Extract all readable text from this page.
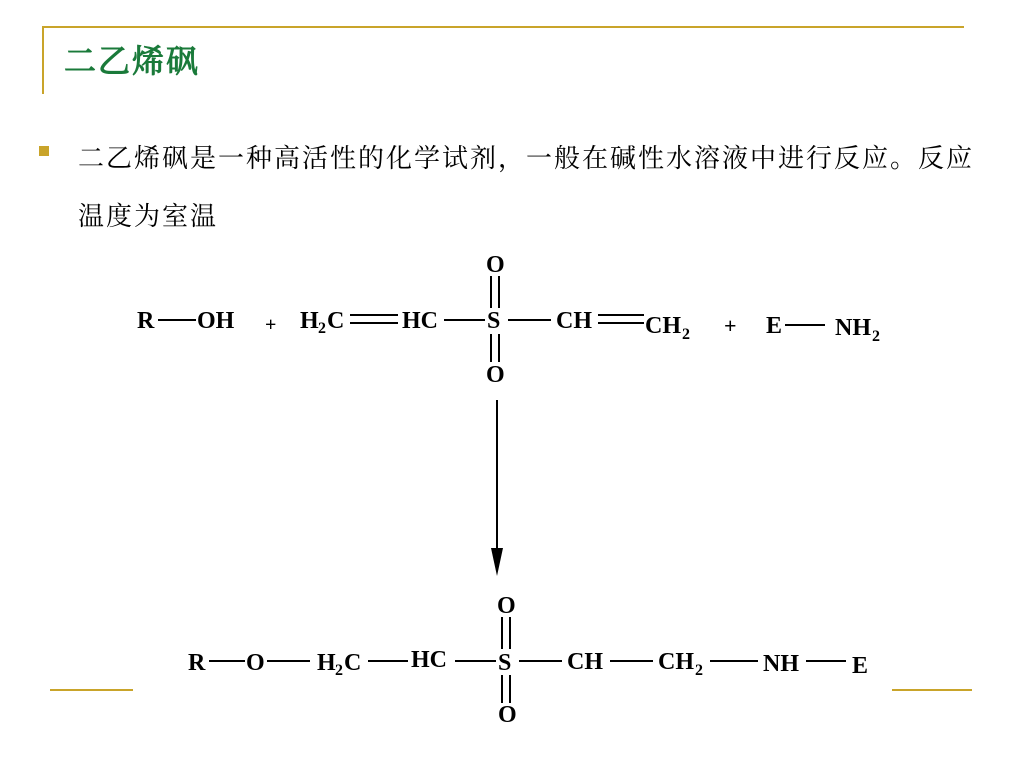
二乙烯砜
二乙烯砜是一种高活性的化学试剂，一般在碱性水溶液中进行反应。反应温度为室温
R OH + H 2 C HC
O
S
O
CH CH 2 + E NH 2
R O H 2 C HC
O
S
O
CH CH 2	NH E
